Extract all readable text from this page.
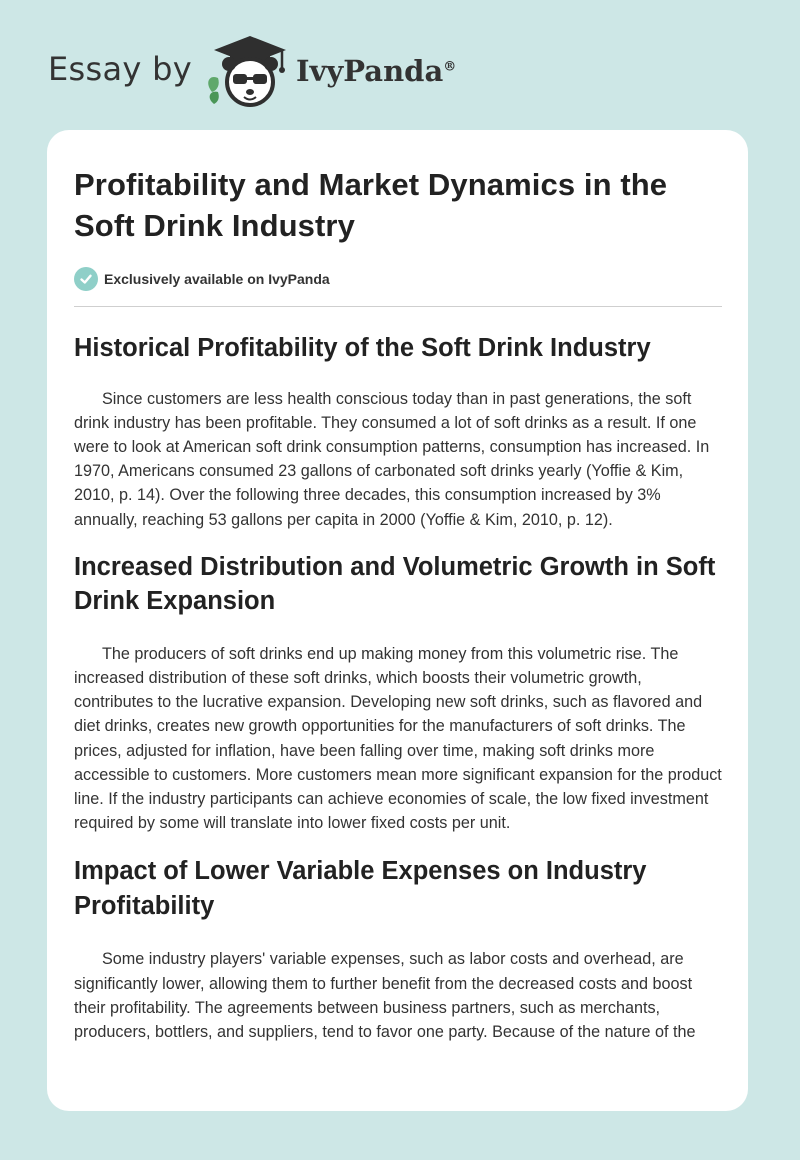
Essay by	IvyPanda®
Profitability and Market Dynamics in the Soft Drink Industry
Exclusively available on IvyPanda
Historical Profitability of the Soft Drink Industry

Since customers are less health conscious today than in past generations, the soft drink industry has been profitable. They consumed a lot of soft drinks as a result. If one were to look at American soft drink consumption patterns, consumption has increased. In 1970, Americans consumed 23 gallons of carbonated soft drinks yearly (Yoffie & Kim, 2010, p. 14). Over the following three decades, this consumption increased by 3% annually, reaching 53 gallons per capita in 2000 (Yoffie & Kim, 2010, p. 12).

Increased Distribution and Volumetric Growth in Soft Drink Expansion

The producers of soft drinks end up making money from this volumetric rise. The increased distribution of these soft drinks, which boosts their volumetric growth, contributes to the lucrative expansion. Developing new soft drinks, such as flavored and diet drinks, creates new growth opportunities for the manufacturers of soft drinks. The prices, adjusted for inflation, have been falling over time, making soft drinks more accessible to customers. More customers mean more significant expansion for the product line. If the industry participants can achieve economies of scale, the low fixed investment required by some will translate into lower fixed costs per unit.

Impact of Lower Variable Expenses on Industry Profitability

Some industry players' variable expenses, such as labor costs and overhead, are significantly lower, allowing them to further benefit from the decreased costs and boost their profitability. The agreements between business partners, such as merchants, producers, bottlers, and suppliers, tend to favor one party. Because of the nature of the
